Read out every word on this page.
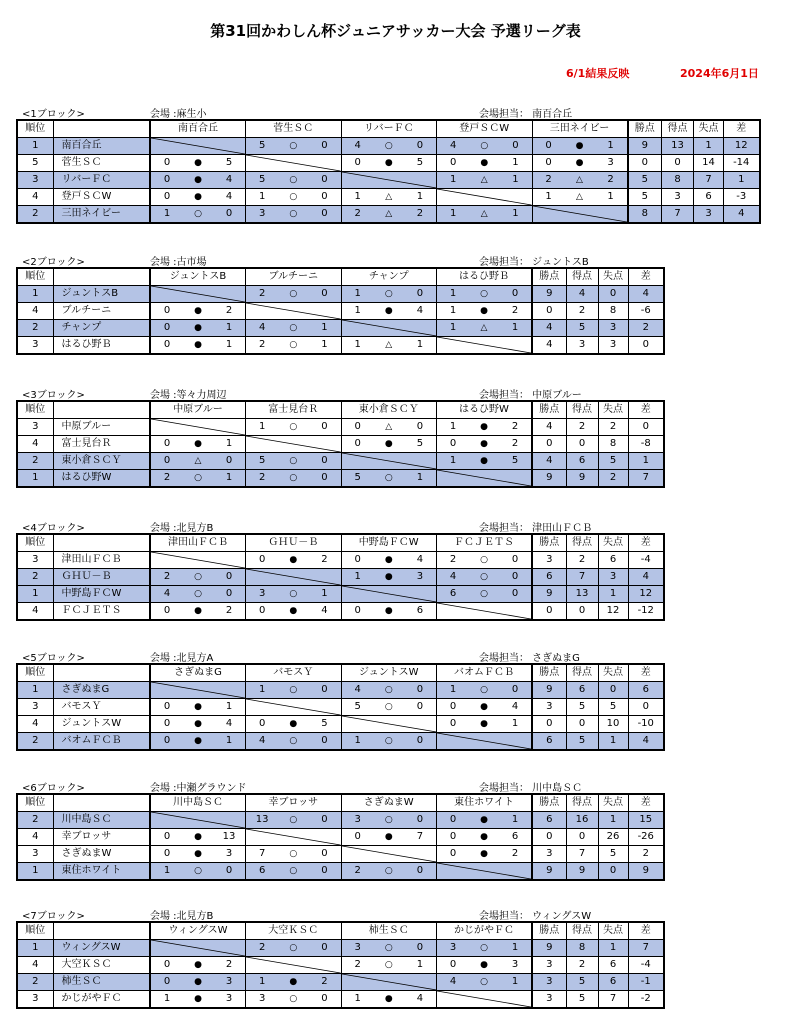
第31回かわしん杯ジュニアサッカー大会 予選リーグ表
6/1結果反映	2024年6月1日
<1ブロック>	会場 :麻生小	会場担当： 南百合丘
順位		南百合丘	菅生ＳＣ	リバーＦＣ	登戸ＳＣW	三田ネイビー	勝点	得点	失点	差
1	南百合丘		5 ○ 0	4 ○ 0	4 ○ 0	0 ● 1	9	13	1	12
5	菅生ＳＣ	0 ● 5		0 ● 5	0 ● 1	0 ● 3	0	0	14	-14
3	リバーＦＣ	0 ● 4	5 ○ 0		1 △ 1	2 △ 2	5	8	7	1
4	登戸ＳＣW	0 ● 4	1 ○ 0	1 △ 1		1 △ 1	5	3	6	-3
2	三田ネイビー	1 ○ 0	3 ○ 0	2 △ 2	1 △ 1		8	7	3	4
<2ブロック>	会場 :古市場	会場担当： ジュントスB
順位		ジュントスB	ブルチーニ	チャンプ	はるひ野Ｂ	勝点	得点	失点	差
1	ジュントスB		2 ○ 0	1 ○ 0	1 ○ 0	9	4	0	4
4	ブルチーニ	0 ● 2		1 ● 4	1 ● 2	0	2	8	-6
2	チャンプ	0 ● 1	4 ○ 1		1 △ 1	4	5	3	2
3	はるひ野Ｂ	0 ● 1	2 ○ 1	1 △ 1		4	3	3	0
<3ブロック>	会場 :等々力周辺	会場担当： 中原ブルー
順位		中原ブルー	富士見台Ｒ	東小倉ＳＣＹ	はるひ野W	勝点	得点	失点	差
3	中原ブルー		1 ○ 0	0 △ 0	1 ● 2	4	2	2	0
4	富士見台Ｒ	0 ● 1		0 ● 5	0 ● 2	0	0	8	-8
2	東小倉ＳＣＹ	0 △ 0	5 ○ 0		1 ● 5	4	6	5	1
1	はるひ野W	2 ○ 1	2 ○ 0	5 ○ 1		9	9	2	7
<4ブロック>	会場 :北見方B	会場担当： 津田山ＦＣＢ
順位		津田山ＦＣＢ	ＧＨＵ－Ｂ	中野島ＦＣW	ＦＣＪＥＴＳ	勝点	得点	失点	差
3	津田山ＦＣＢ		0 ● 2	0 ● 4	2 ○ 0	3	2	6	-4
2	ＧＨＵ－Ｂ	2 ○ 0		1 ● 3	4 ○ 0	6	7	3	4
1	中野島ＦＣW	4 ○ 0	3 ○ 1		6 ○ 0	9	13	1	12
4	ＦＣＪＥＴＳ	0 ● 2	0 ● 4	0 ● 6		0	0	12	-12
<5ブロック>	会場 :北見方A	会場担当： さぎぬまG
順位		さぎぬまG	バモスＹ	ジュントスW	バオムＦＣＢ	勝点	得点	失点	差
1	さぎぬまG		1 ○ 0	4 ○ 0	1 ○ 0	9	6	0	6
3	バモスＹ	0 ● 1		5 ○ 0	0 ● 4	3	5	5	0
4	ジュントスW	0 ● 4	0 ● 5		0 ● 1	0	0	10	-10
2	バオムＦＣＢ	0 ● 1	4 ○ 0	1 ○ 0		6	5	1	4
<6ブロック>	会場 :中瀬グラウンド	会場担当： 川中島ＳＣ
順位		川中島ＳＣ	幸ブロッサ	さぎぬまW	東住ホワイト	勝点	得点	失点	差
2	川中島ＳＣ		13 ○ 0	3 ○ 0	0 ● 1	6	16	1	15
4	幸ブロッサ	0 ● 13		0 ● 7	0 ● 6	0	0	26	-26
3	さぎぬまW	0 ● 3	7 ○ 0		0 ● 2	3	7	5	2
1	東住ホワイト	1 ○ 0	6 ○ 0	2 ○ 0		9	9	0	9
<7ブロック>	会場 :北見方B	会場担当： ウィングスW
順位		ウィングスW	大空ＫＳＣ	柿生ＳＣ	かじがやＦＣ	勝点	得点	失点	差
1	ウィングスW		2 ○ 0	3 ○ 0	3 ○ 1	9	8	1	7
4	大空ＫＳＣ	0 ● 2		2 ○ 1	0 ● 3	3	2	6	-4
2	柿生ＳＣ	0 ● 3	1 ● 2		4 ○ 1	3	5	6	-1
3	かじがやＦＣ	1 ● 3	3 ○ 0	1 ● 4		3	5	7	-2
